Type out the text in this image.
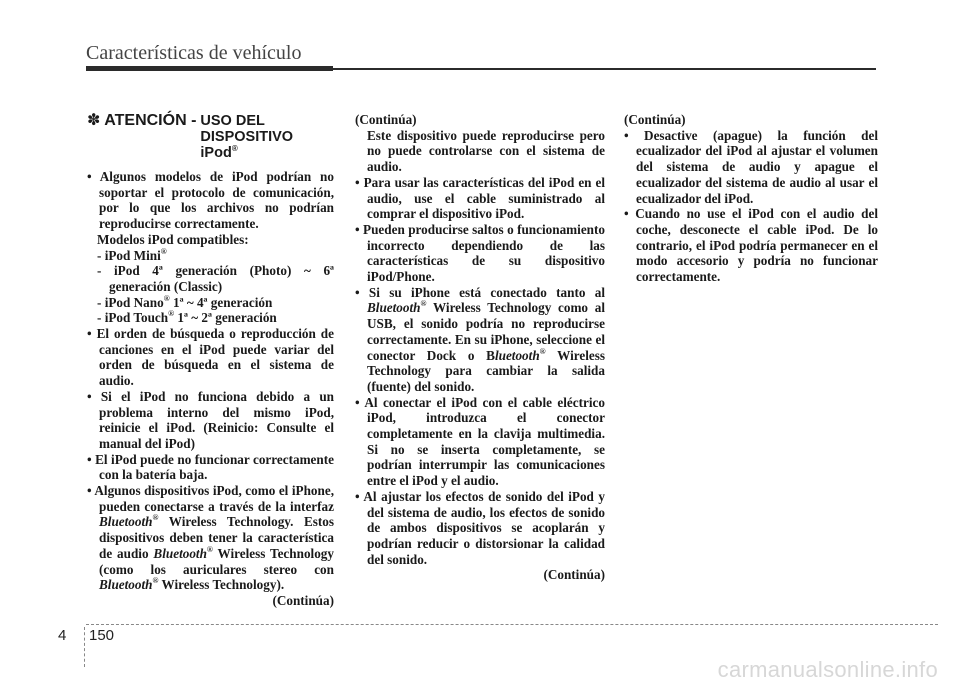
Características de vehículo
✽ ATENCIÓN - USO DEL
DISPOSITIVO
iPod®

• Algunos modelos de iPod podrían no soportar el protocolo de comunicación, por lo que los archivos no podrían reproducirse correctamente.

Modelos iPod compatibles:

- iPod Mini®

- iPod 4ª generación (Photo) ~ 6ª generación (Classic)

- iPod Nano® 1ª ~ 4ª generación

- iPod Touch® 1ª ~ 2ª generación

• El orden de búsqueda o reproducción de canciones en el iPod puede variar del orden de búsqueda en el sistema de audio.

• Si el iPod no funciona debido a un problema interno del mismo iPod, reinicie el iPod. (Reinicio: Consulte el manual del iPod)

• El iPod puede no funcionar correctamente con la batería baja.

• Algunos dispositivos iPod, como el iPhone, pueden conectarse a través de la interfaz Bluetooth® Wireless Technology. Estos dispositivos deben tener la característica de audio Bluetooth® Wireless Technology (como los auriculares stereo con Bluetooth® Wireless Technology).

(Continúa)

(Continúa)

Este dispositivo puede reproducirse pero no puede controlarse con el sistema de audio.

• Para usar las características del iPod en el audio, use el cable suministrado al comprar el dispositivo iPod.

• Pueden producirse saltos o funcionamiento incorrecto dependiendo de las características de su dispositivo iPod/Phone.

• Si su iPhone está conectado tanto al Bluetooth® Wireless Technology como al USB, el sonido podría no reproducirse correctamente. En su iPhone, seleccione el conector Dock o Bluetooth® Wireless Technology para cambiar la salida (fuente) del sonido.

• Al conectar el iPod con el cable eléctrico iPod, introduzca el conector completamente en la clavija multimedia. Si no se inserta completamente, se podrían interrumpir las comunicaciones entre el iPod y el audio.

• Al ajustar los efectos de sonido del iPod y del sistema de audio, los efectos de sonido de ambos dispositivos se acoplarán y podrían reducir o distorsionar la calidad del sonido.

(Continúa)

(Continúa)

• Desactive (apague) la función del ecualizador del iPod al ajustar el volumen del sistema de audio y apague el ecualizador del sistema de audio al usar el ecualizador del iPod.

• Cuando no use el iPod con el audio del coche, desconecte el cable iPod. De lo contrario, el iPod podría permanecer en el modo accesorio y podría no funcionar correctamente.

4 150
carmanualsonline.info
